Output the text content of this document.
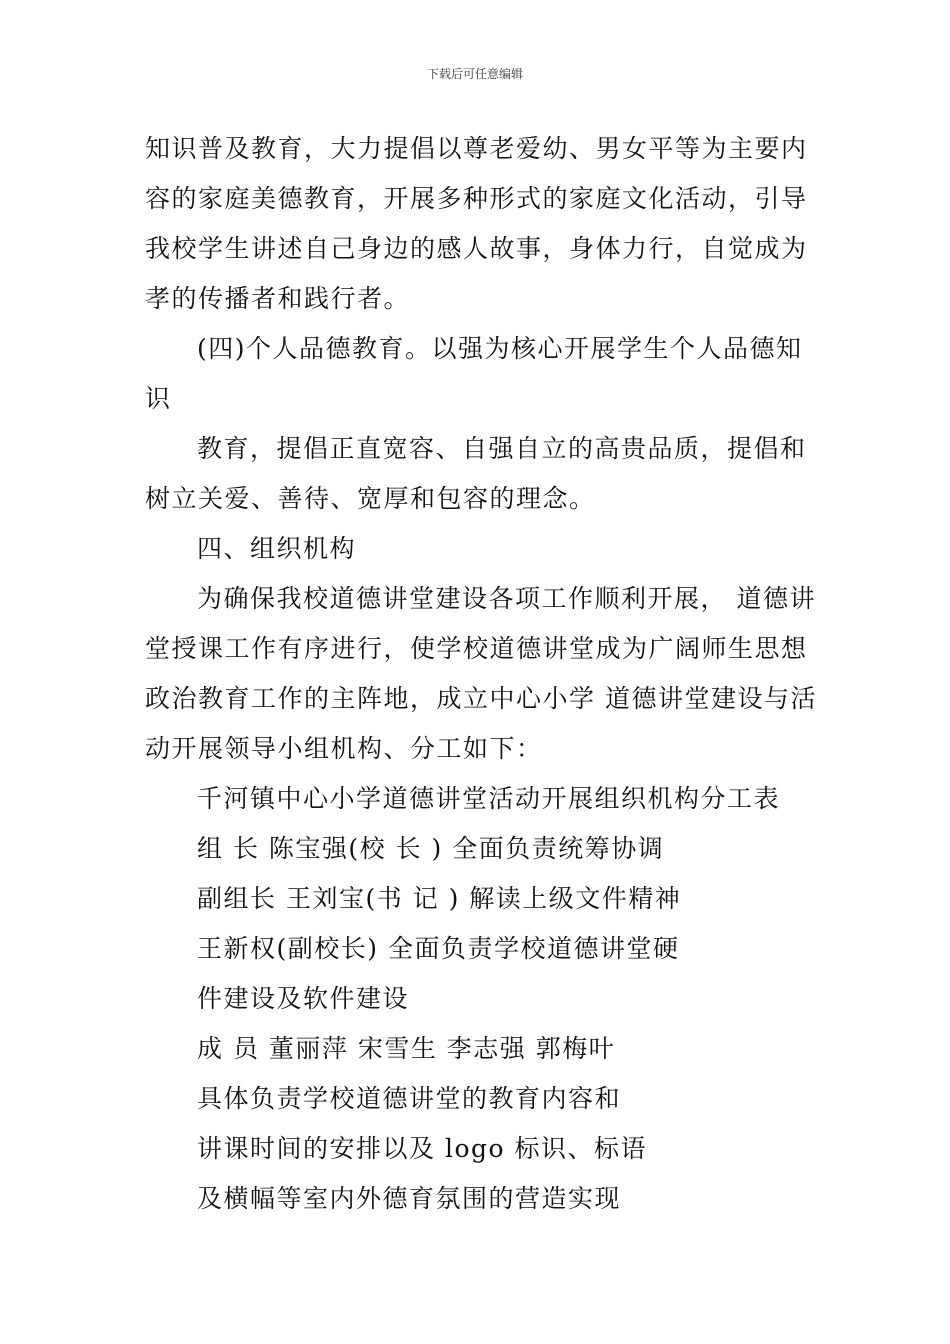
下载后可任意编辑
知识普及教育，大力提倡以尊老爱幼、男女平等为主要内
容的家庭美德教育，开展多种形式的家庭文化活动，引导
我校学生讲述自己身边的感人故事，身体力行，自觉成为
孝的传播者和践行者。
(四)个人品德教育。以强为核心开展学生个人品德知
识
教育，提倡正直宽容、自强自立的高贵品质，提倡和
树立关爱、善待、宽厚和包容的理念。
四、组织机构
为确保我校道德讲堂建设各项工作顺利开展， 道德讲
堂授课工作有序进行，使学校道德讲堂成为广阔师生思想
政治教育工作的主阵地，成立中心小学 道德讲堂建设与活
动开展领导小组机构、分工如下：
千河镇中心小学道德讲堂活动开展组织机构分工表
组 长 陈宝强(校 长 ) 全面负责统筹协调
副组长 王刘宝(书 记 ) 解读上级文件精神
王新权(副校长) 全面负责学校道德讲堂硬
件建设及软件建设
成 员 董丽萍 宋雪生 李志强 郭梅叶
具体负责学校道德讲堂的教育内容和
讲课时间的安排以及 logo 标识、标语
及横幅等室内外德育氛围的营造实现
